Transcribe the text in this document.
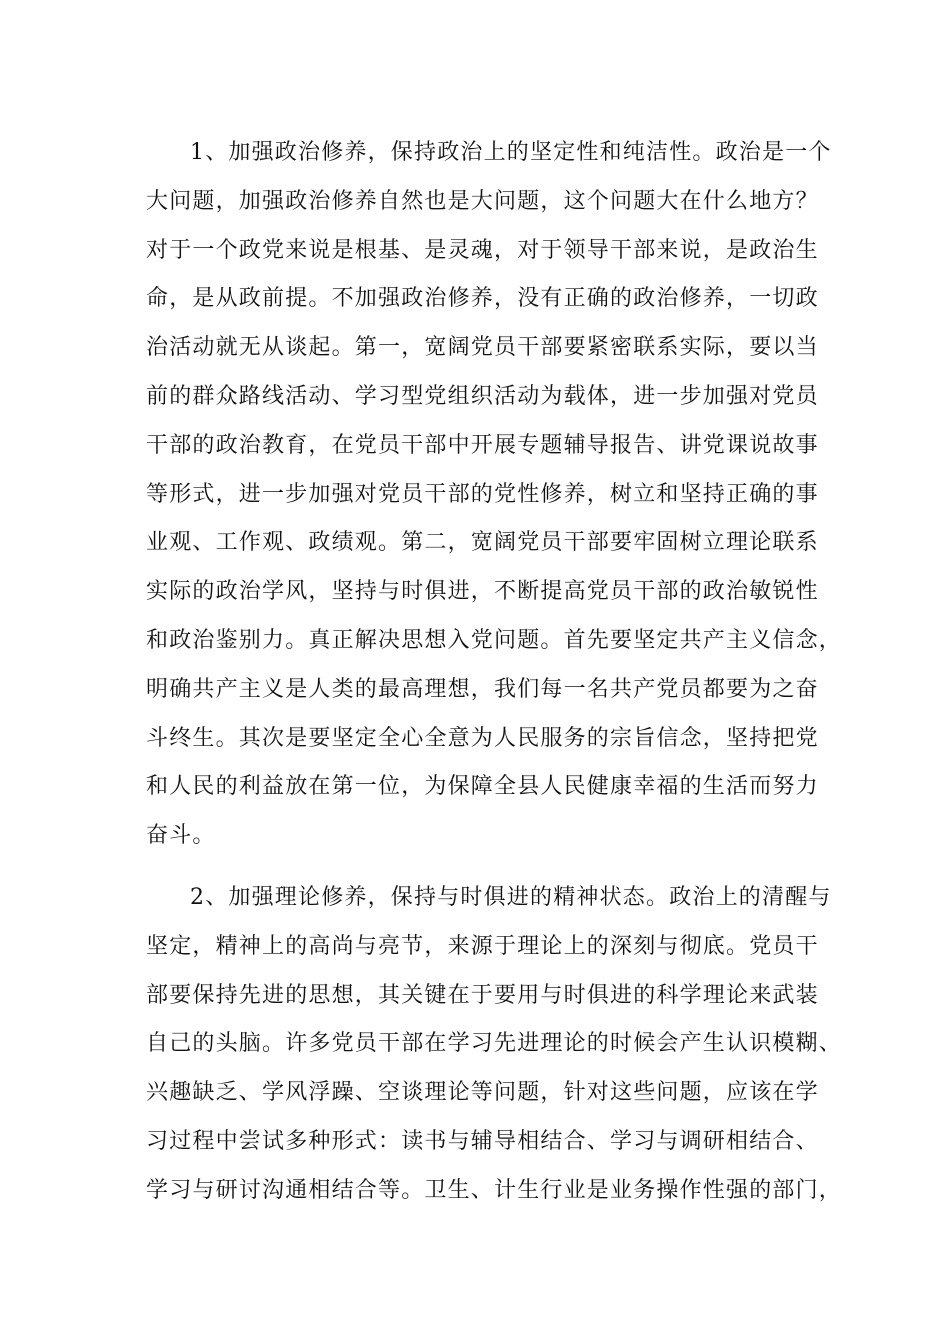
1、加强政治修养，保持政治上的坚定性和纯洁性。政治是一个
大问题，加强政治修养自然也是大问题，这个问题大在什么地方？
对于一个政党来说是根基、是灵魂，对于领导干部来说，是政治生
命，是从政前提。不加强政治修养，没有正确的政治修养，一切政
治活动就无从谈起。第一，宽阔党员干部要紧密联系实际，要以当
前的群众路线活动、学习型党组织活动为载体，进一步加强对党员
干部的政治教育，在党员干部中开展专题辅导报告、讲党课说故事
等形式，进一步加强对党员干部的党性修养，树立和坚持正确的事
业观、工作观、政绩观。第二，宽阔党员干部要牢固树立理论联系
实际的政治学风，坚持与时俱进，不断提高党员干部的政治敏锐性
和政治鉴别力。真正解决思想入党问题。首先要坚定共产主义信念，
明确共产主义是人类的最高理想，我们每一名共产党员都要为之奋
斗终生。其次是要坚定全心全意为人民服务的宗旨信念，坚持把党
和人民的利益放在第一位，为保障全县人民健康幸福的生活而努力
奋斗。
2、加强理论修养，保持与时俱进的精神状态。政治上的清醒与
坚定，精神上的高尚与亮节，来源于理论上的深刻与彻底。党员干
部要保持先进的思想，其关键在于要用与时俱进的科学理论来武装
自己的头脑。许多党员干部在学习先进理论的时候会产生认识模糊、
兴趣缺乏、学风浮躁、空谈理论等问题，针对这些问题，应该在学
习过程中尝试多种形式：读书与辅导相结合、学习与调研相结合、
学习与研讨沟通相结合等。卫生、计生行业是业务操作性强的部门，
